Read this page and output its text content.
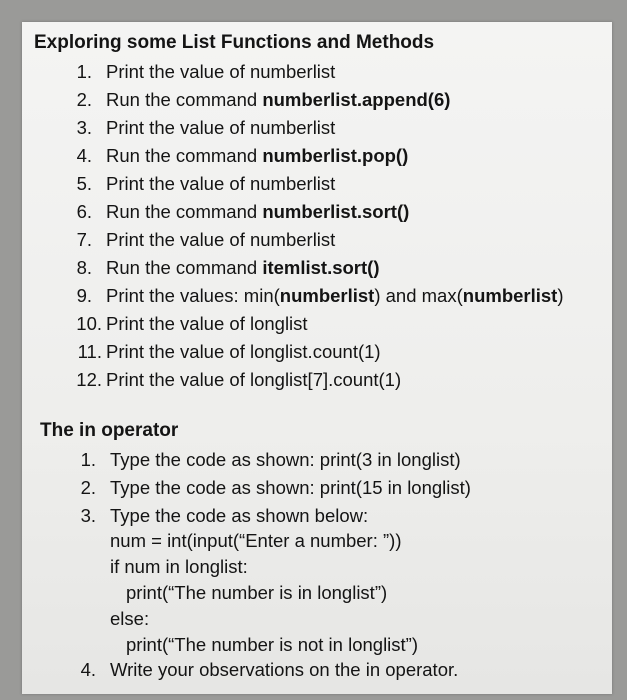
Exploring some List Functions and Methods
1. Print the value of numberlist
2. Run the command numberlist.append(6)
3. Print the value of numberlist
4. Run the command numberlist.pop()
5. Print the value of numberlist
6. Run the command numberlist.sort()
7. Print the value of numberlist
8. Run the command itemlist.sort()
9. Print the values: min(numberlist) and max(numberlist)
10. Print the value of longlist
11. Print the value of longlist.count(1)
12. Print the value of longlist[7].count(1)
The in operator
1. Type the code as shown: print(3 in longlist)
2. Type the code as shown: print(15 in longlist)
3. Type the code as shown below:
num = int(input(“Enter a number: ”))
if num in longlist:
print(“The number is in longlist”)
else:
print(“The number is not in longlist”)
4. Write your observations on the in operator.
